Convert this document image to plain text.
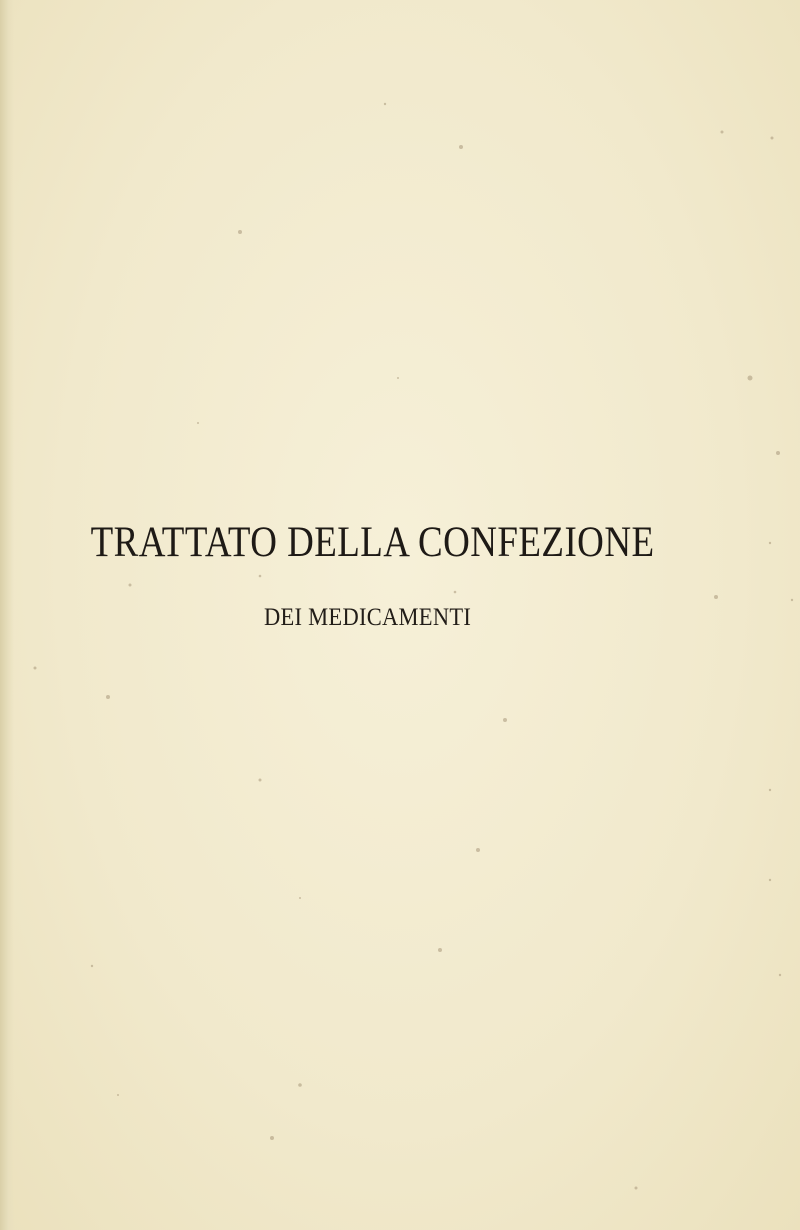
TRATTATO DELLA CONFEZIONE
DEI MEDICAMENTI
